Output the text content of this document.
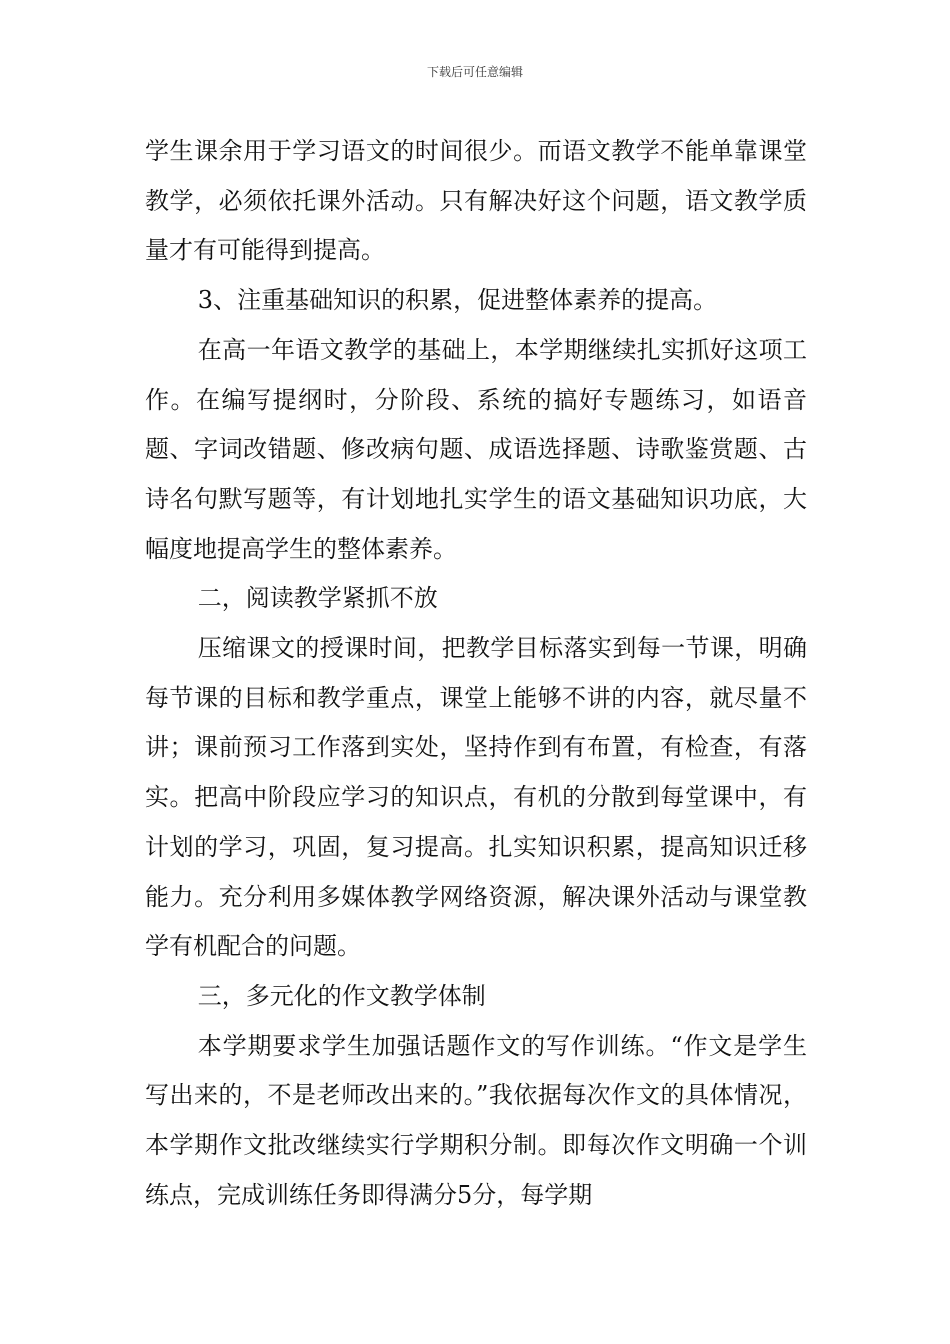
下载后可任意编辑

学生课余用于学习语文的时间很少。而语文教学不能单靠课堂教学，必须依托课外活动。只有解决好这个问题，语文教学质量才有可能得到提高。

3、注重基础知识的积累，促进整体素养的提高。

在高一年语文教学的基础上，本学期继续扎实抓好这项工作。在编写提纲时，分阶段、系统的搞好专题练习，如语音题、字词改错题、修改病句题、成语选择题、诗歌鉴赏题、古诗名句默写题等，有计划地扎实学生的语文基础知识功底，大幅度地提高学生的整体素养。

二，阅读教学紧抓不放

压缩课文的授课时间，把教学目标落实到每一节课，明确每节课的目标和教学重点，课堂上能够不讲的内容，就尽量不讲；课前预习工作落到实处，坚持作到有布置，有检查，有落实。把高中阶段应学习的知识点，有机的分散到每堂课中，有计划的学习，巩固，复习提高。扎实知识积累，提高知识迁移能力。充分利用多媒体教学网络资源，解决课外活动与课堂教学有机配合的问题。

三，多元化的作文教学体制

本学期要求学生加强话题作文的写作训练。“作文是学生写出来的，不是老师改出来的。”我依据每次作文的具体情况，本学期作文批改继续实行学期积分制。即每次作文明确一个训练点，完成训练任务即得满分5分，每学期
